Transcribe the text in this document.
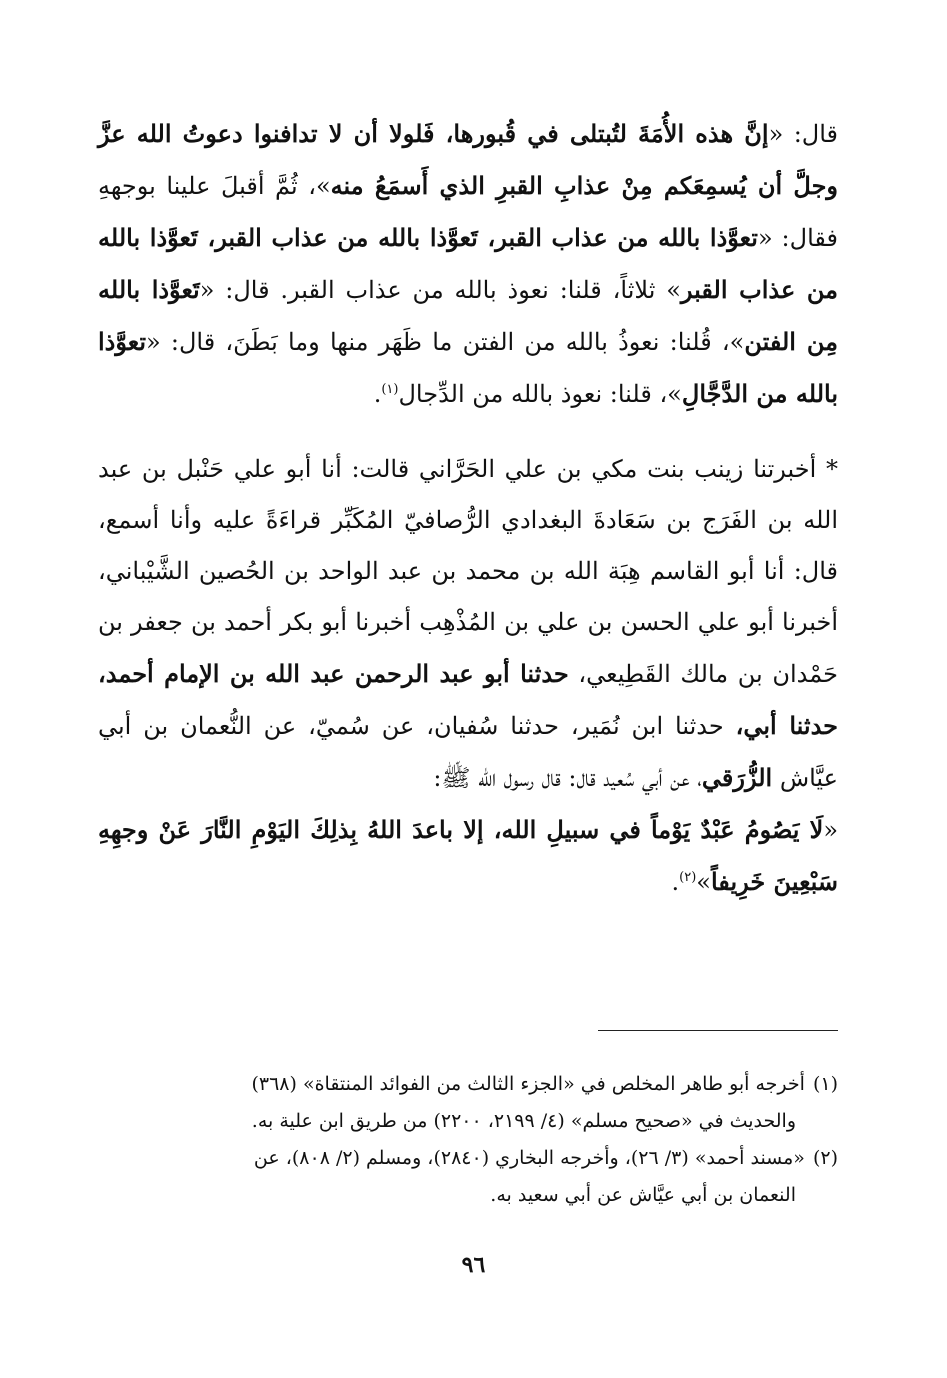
قال: «إنَّ هذه الأُمَةَ لتُبتلى في قُبورها، فَلولا أن لا تدافنوا دعوتُ الله عزَّ وجلَّ أن يُسمِعَكم مِنْ عذابِ القبرِ الذي أَسمَعُ منه»، ثُمَّ أقبلَ علينا بوجههِ فقال: «تعوَّذا بالله من عذاب القبر، تَعوَّذا بالله من عذاب القبر، تَعوَّذا بالله من عذاب القبر» ثلاثاً، قلنا: نعوذ بالله من عذاب القبر. قال: «تَعوَّذا بالله مِن الفتن»، قُلنا: نعوذُ بالله من الفتن ما ظَهَر منها وما بَطَنَ، قال: «تعوَّذا بالله من الدَّجَّالِ»، قلنا: نعوذ بالله من الدِّجال$^{(١)}$.

* أخبرتنا زينب بنت مكي بن علي الحَرَّاني قالت: أنا أبو علي حَنْبل بن عبد الله بن الفَرَج بن سَعَادةَ البغدادي الرُّصافيّ المُكَبِّر قراءَةً عليه وأنا أسمع، قال: أنا أبو القاسم هِبَة الله بن محمد بن عبد الواحد بن الحُصين الشَّيْباني، أخبرنا أبو علي الحسن بن علي بن المُذْهِب أخبرنا أبو بكر أحمد بن جعفر بن حَمْدان بن مالك القَطِيعي، حدثنا أبو عبد الرحمن عبد الله بن الإمام أحمد، حدثنا أبي، حدثنا ابن نُمَير، حدثنا سُفيان، عن سُميّ، عن النُّعمان بن أبي عيَّاش الزُّرَقي، عن أبي سُعيد قال: قال رسول الله ﷺ:

«لَا يَصُومُ عَبْدٌ يَوْماً في سبيلِ الله، إلا باعدَ اللهُ بِذلِكَ اليَوْمِ النَّارَ عَنْ وجهِهِ سَبْعِينَ خَرِيفاً»$^{(٢)}$.

(١)أخرجه أبو طاهر المخلص في «الجزء الثالث من الفوائد المنتقاة» (٣٦٨)

والحديث في «صحيح مسلم» (٤/ ٢١٩٩، ٢٢٠٠) من طريق ابن علية به.

(٢)«مسند أحمد» (٣/ ٢٦)، وأخرجه البخاري (٢٨٤٠)، ومسلم (٢/ ٨٠٨)، عن

النعمان بن أبي عيَّاش عن أبي سعيد به.

٩٦
